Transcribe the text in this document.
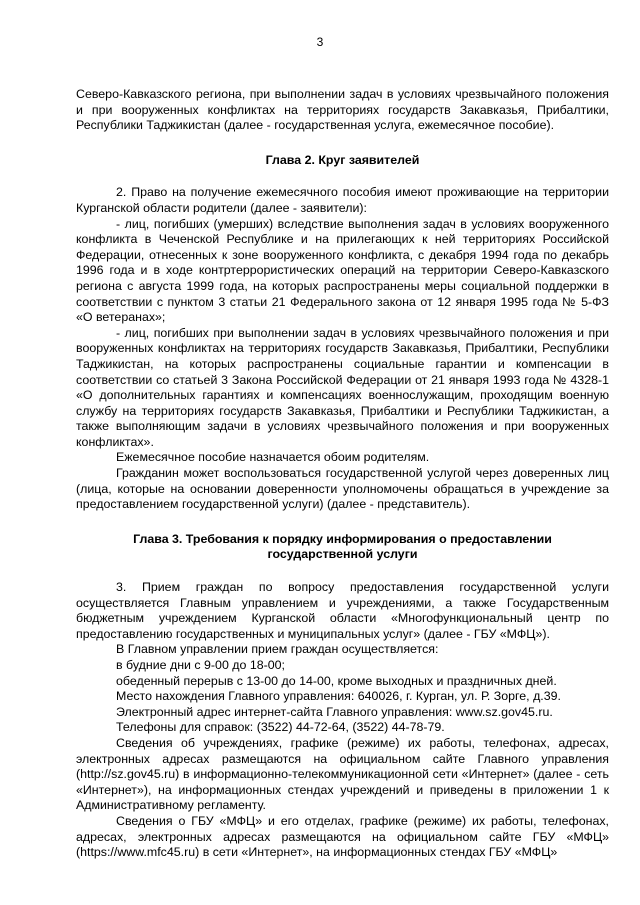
3

Северо-Кавказского региона, при выполнении задач в условиях чрезвычайного положения и при вооруженных конфликтах на территориях государств Закавказья, Прибалтики, Республики Таджикистан (далее - государственная услуга, ежемесячное пособие).

Глава 2. Круг заявителей

2. Право на получение ежемесячного пособия имеют проживающие на территории Курганской области родители (далее - заявители):

- лиц, погибших (умерших) вследствие выполнения задач в условиях вооруженного конфликта в Чеченской Республике и на прилегающих к ней территориях Российской Федерации, отнесенных к зоне вооруженного конфликта, с декабря 1994 года по декабрь 1996 года и в ходе контртеррористических операций на территории Северо-Кавказского региона с августа 1999 года, на которых распространены меры социальной поддержки в соответствии с пунктом 3 статьи 21 Федерального закона от 12 января 1995 года № 5-ФЗ «О ветеранах»;

- лиц, погибших при выполнении задач в условиях чрезвычайного положения и при вооруженных конфликтах на территориях государств Закавказья, Прибалтики, Республики Таджикистан, на которых распространены социальные гарантии и компенсации в соответствии со статьей 3 Закона Российской Федерации от 21 января 1993 года № 4328-1 «О дополнительных гарантиях и компенсациях военнослужащим, проходящим военную службу на территориях государств Закавказья, Прибалтики и Республики Таджикистан, а также выполняющим задачи в условиях чрезвычайного положения и при вооруженных конфликтах».

Ежемесячное пособие назначается обоим родителям.

Гражданин может воспользоваться государственной услугой через доверенных лиц (лица, которые на основании доверенности уполномочены обращаться в учреждение за предоставлением государственной услуги) (далее - представитель).

Глава 3. Требования к порядку информирования о предоставлении государственной услуги

3. Прием граждан по вопросу предоставления государственной услуги осуществляется Главным управлением и учреждениями, а также Государственным бюджетным учреждением Курганской области «Многофункциональный центр по предоставлению государственных и муниципальных услуг» (далее - ГБУ «МФЦ»).

В Главном управлении прием граждан осуществляется:

в будние дни с 9-00 до 18-00;

обеденный перерыв с 13-00 до 14-00, кроме выходных и праздничных дней.

Место нахождения Главного управления: 640026, г. Курган, ул. Р. Зорге, д.39.

Электронный адрес интернет-сайта Главного управления: www.sz.gov45.ru.

Телефоны для справок: (3522) 44-72-64, (3522) 44-78-79.

Сведения об учреждениях, графике (режиме) их работы, телефонах, адресах, электронных адресах размещаются на официальном сайте Главного управления (http://sz.gov45.ru) в информационно-телекоммуникационной сети «Интернет» (далее - сеть «Интернет»), на информационных стендах учреждений и приведены в приложении 1 к Административному регламенту.

Сведения о ГБУ «МФЦ» и его отделах, графике (режиме) их работы, телефонах, адресах, электронных адресах размещаются на официальном сайте ГБУ «МФЦ» (https://www.mfc45.ru) в сети «Интернет», на информационных стендах ГБУ «МФЦ»
